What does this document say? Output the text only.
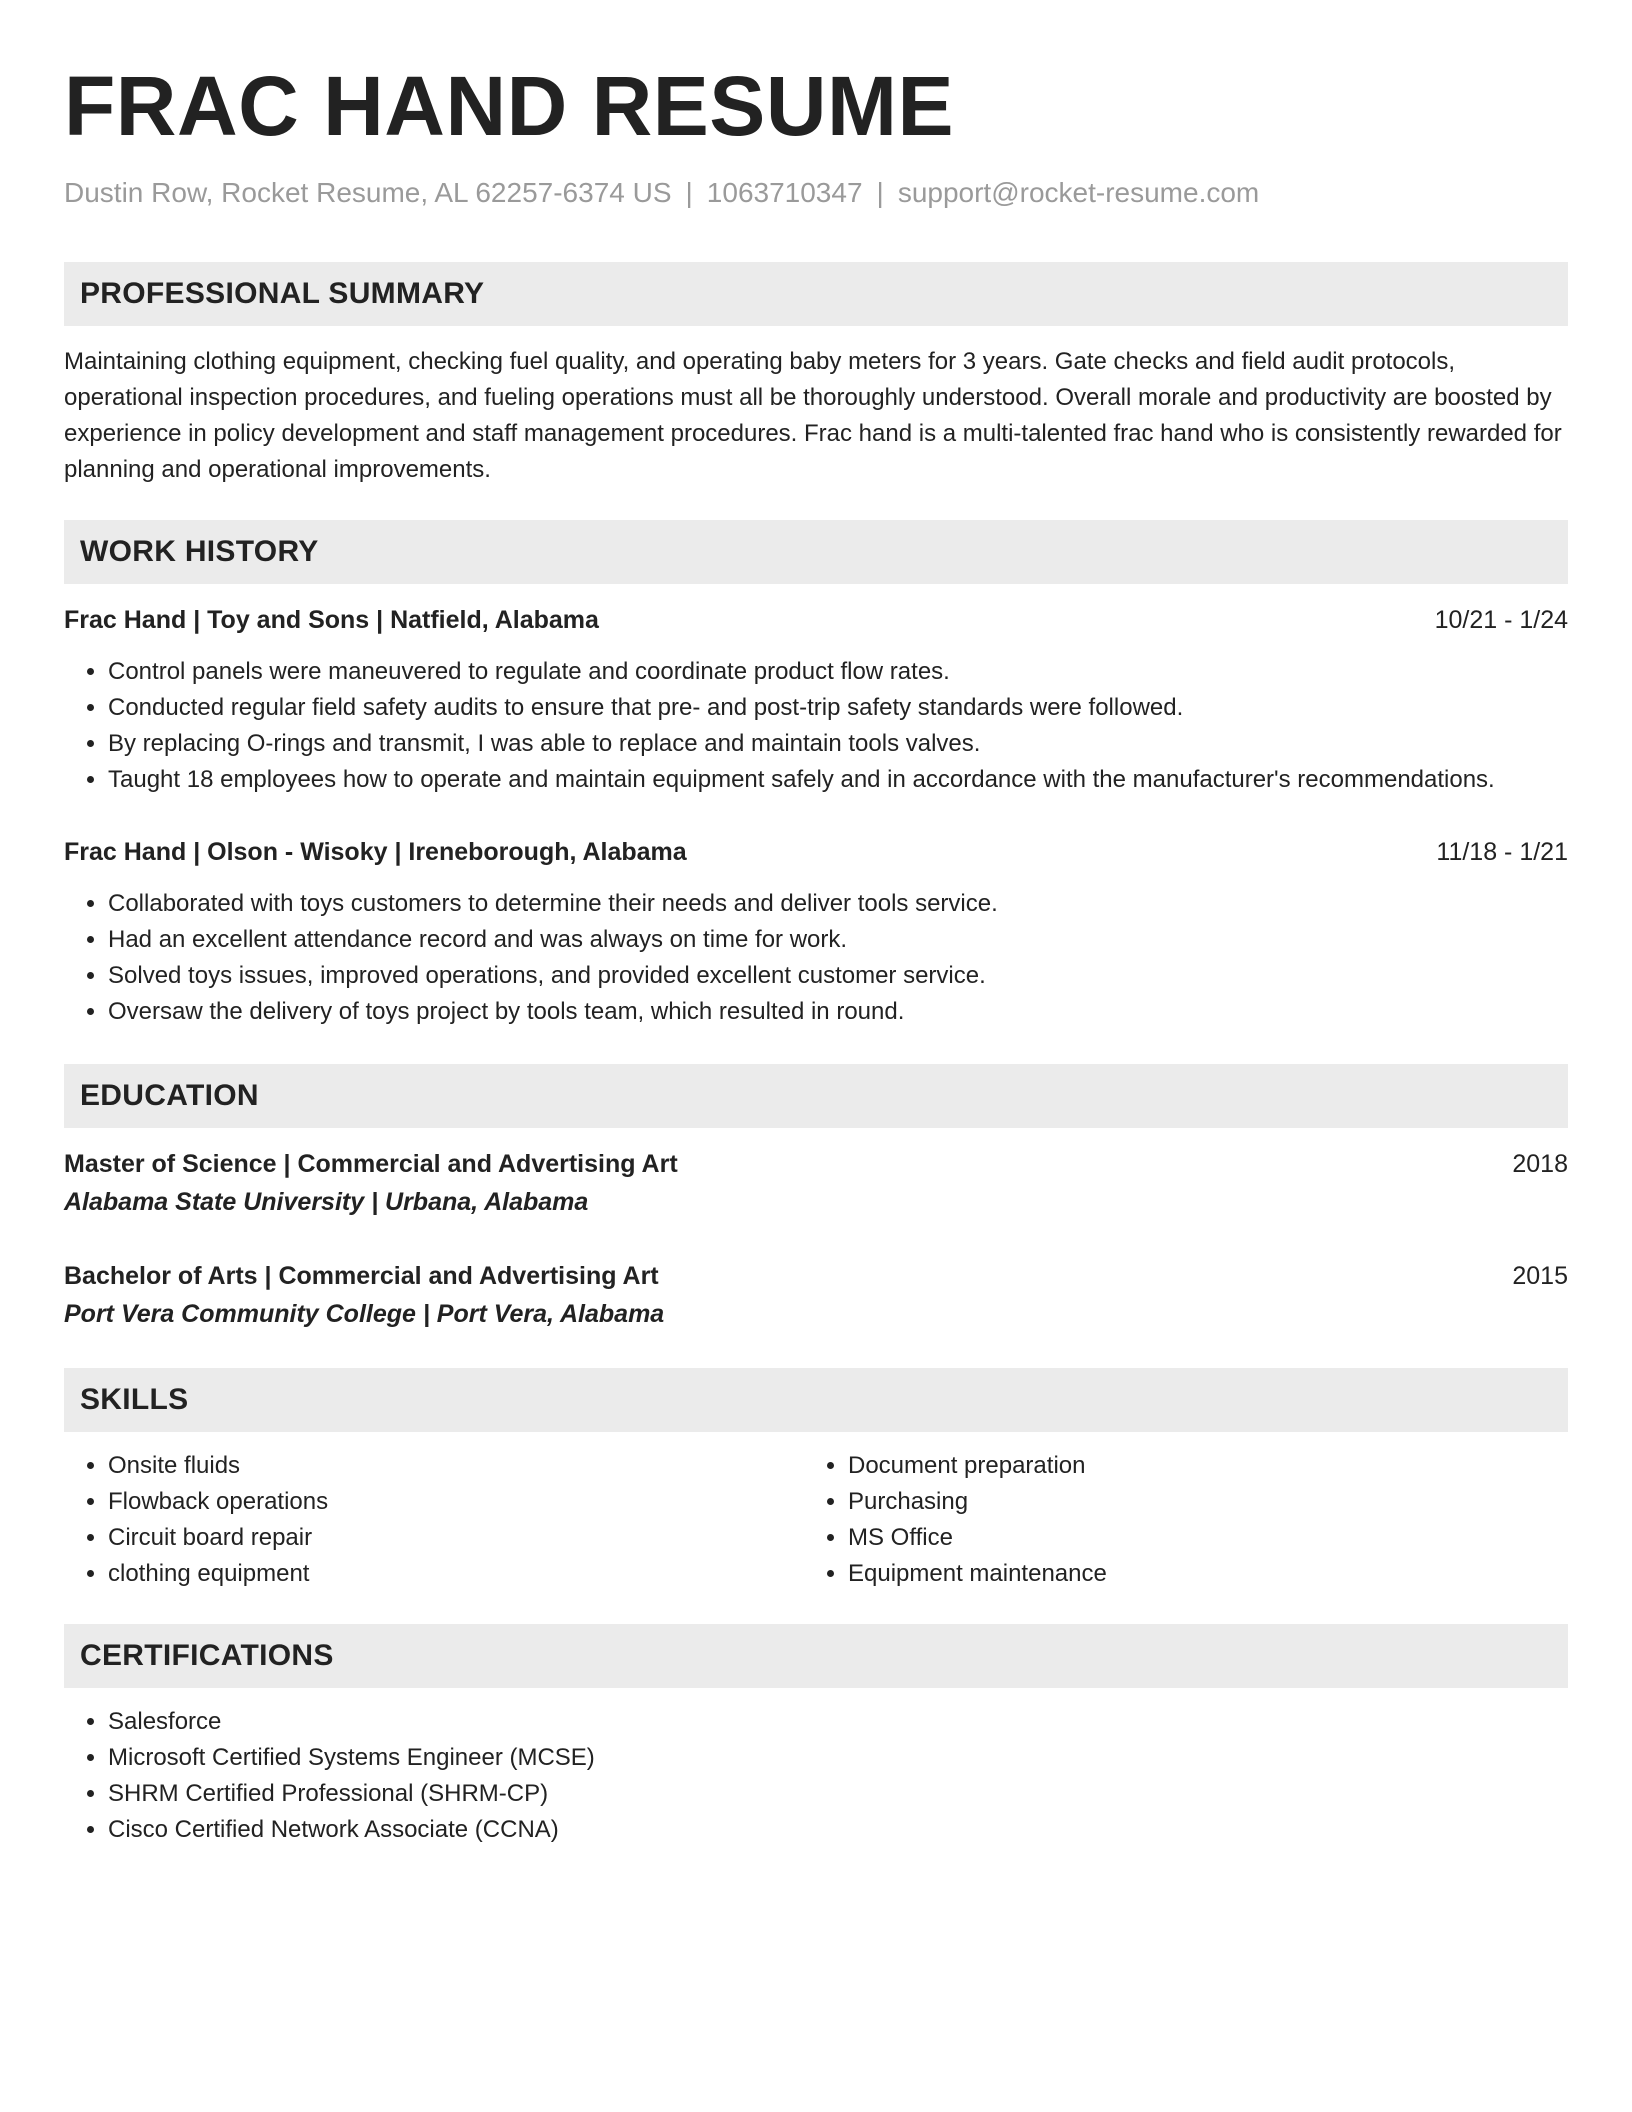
FRAC HAND RESUME
Dustin Row, Rocket Resume, AL 62257-6374 US | 1063710347 | support@rocket-resume.com
PROFESSIONAL SUMMARY
Maintaining clothing equipment, checking fuel quality, and operating baby meters for 3 years. Gate checks and field audit protocols, operational inspection procedures, and fueling operations must all be thoroughly understood. Overall morale and productivity are boosted by experience in policy development and staff management procedures. Frac hand is a multi-talented frac hand who is consistently rewarded for planning and operational improvements.
WORK HISTORY
Frac Hand | Toy and Sons | Natfield, Alabama	10/21 - 1/24
• Control panels were maneuvered to regulate and coordinate product flow rates.
• Conducted regular field safety audits to ensure that pre- and post-trip safety standards were followed.
• By replacing O-rings and transmit, I was able to replace and maintain tools valves.
• Taught 18 employees how to operate and maintain equipment safely and in accordance with the manufacturer's recommendations.
Frac Hand | Olson - Wisoky | Ireneborough, Alabama	11/18 - 1/21
• Collaborated with toys customers to determine their needs and deliver tools service.
• Had an excellent attendance record and was always on time for work.
• Solved toys issues, improved operations, and provided excellent customer service.
• Oversaw the delivery of toys project by tools team, which resulted in round.
EDUCATION
Master of Science | Commercial and Advertising Art	2018
Alabama State University | Urbana, Alabama
Bachelor of Arts | Commercial and Advertising Art	2015
Port Vera Community College | Port Vera, Alabama
SKILLS
• Onsite fluids
• Flowback operations
• Circuit board repair
• clothing equipment
• Document preparation
• Purchasing
• MS Office
• Equipment maintenance
CERTIFICATIONS
• Salesforce
• Microsoft Certified Systems Engineer (MCSE)
• SHRM Certified Professional (SHRM-CP)
• Cisco Certified Network Associate (CCNA)
